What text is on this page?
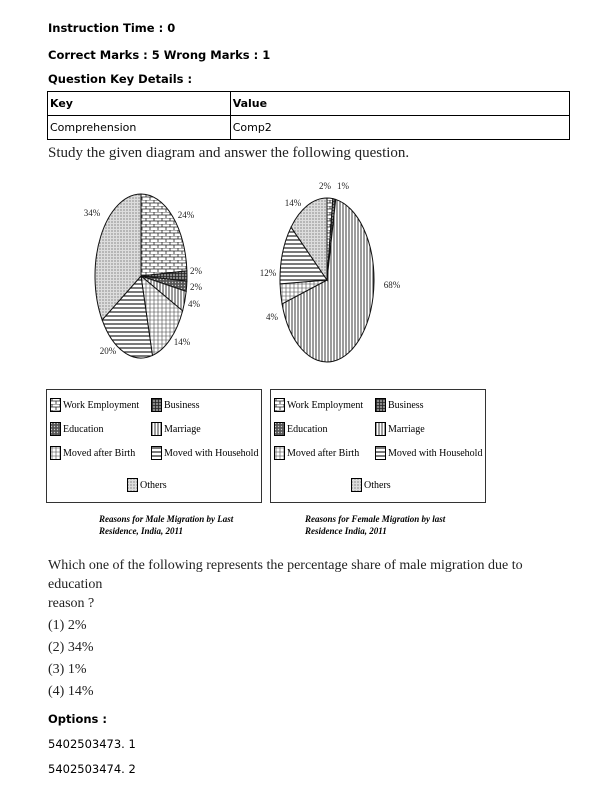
Instruction Time : 0
Correct Marks : 5 Wrong Marks : 1
Question Key Details :
Key	Value
Comprehension	Comp2
Study the given diagram and answer the following question.
24%
2%
2%
4%
14%
20%
34%
2% 1%
68%
4%
12%
14%
Work Employment Business
Education	Marriage
Moved after Birth	Moved with Household
Others
Work Employment Business
Education	Marriage
Moved after Birth	Moved with Household
Others
Reasons for Male Migration by Last
Residence, India, 2011
Reasons for Female Migration by last
Residence India, 2011
Which one of the following represents the percentage share of male migration due to education
reason ?
(1) 2%
(2) 34%
(3) 1%
(4) 14%
Options :
5402503473. 1
5402503474. 2
